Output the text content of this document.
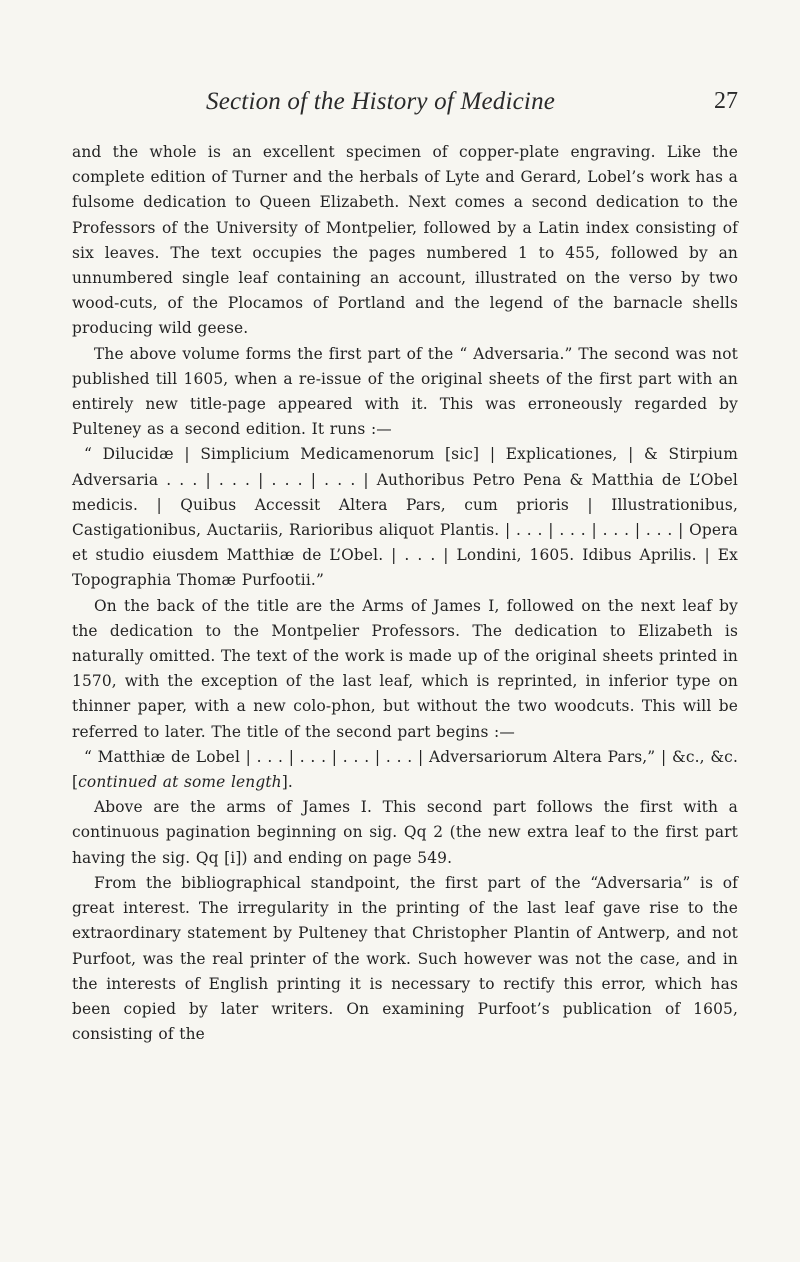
Section of the History of Medicine	27

and the whole is an excellent specimen of copper-plate engraving. Like the complete edition of Turner and the herbals of Lyte and Gerard, Lobel’s work has a fulsome dedication to Queen Elizabeth. Next comes a second dedication to the Professors of the University of Montpelier, followed by a Latin index consisting of six leaves. The text occupies the pages numbered 1 to 455, followed by an unnumbered single leaf containing an account, illustrated on the verso by two wood-cuts, of the Plocamos of Portland and the legend of the barnacle shells producing wild geese.

The above volume forms the first part of the “ Adversaria.” The second was not published till 1605, when a re-issue of the original sheets of the first part with an entirely new title-page appeared with it. This was erroneously regarded by Pulteney as a second edition. It runs :—

“ Dilucidæ | Simplicium Medicamenorum [sic] | Explicationes, | & Stirpium Adversaria . . . | . . . | . . . | . . . | Authoribus Petro Pena & Matthia de L’Obel medicis. | Quibus Accessit Altera Pars, cum prioris | Illustrationibus, Castigationibus, Auctariis, Rarioribus aliquot Plantis. | . . . | . . . | . . . | . . . | Opera et studio eiusdem Matthiæ de L’Obel. | . . . | Londini, 1605. Idibus Aprilis. | Ex Topographia Thomæ Purfootii.”

On the back of the title are the Arms of James I, followed on the next leaf by the dedication to the Montpelier Professors. The dedication to Elizabeth is naturally omitted. The text of the work is made up of the original sheets printed in 1570, with the exception of the last leaf, which is reprinted, in inferior type on thinner paper, with a new colo-phon, but without the two woodcuts. This will be referred to later. The title of the second part begins :—

“ Matthiæ de Lobel | . . . | . . . | . . . | . . . | Adversariorum Altera Pars,” | &c., &c. [continued at some length].

Above are the arms of James I. This second part follows the first with a continuous pagination beginning on sig. Qq 2 (the new extra leaf to the first part having the sig. Qq [i]) and ending on page 549.

From the bibliographical standpoint, the first part of the “Adversaria” is of great interest. The irregularity in the printing of the last leaf gave rise to the extraordinary statement by Pulteney that Christopher Plantin of Antwerp, and not Purfoot, was the real printer of the work. Such however was not the case, and in the interests of English printing it is necessary to rectify this error, which has been copied by later writers. On examining Purfoot’s publication of 1605, consisting of the
